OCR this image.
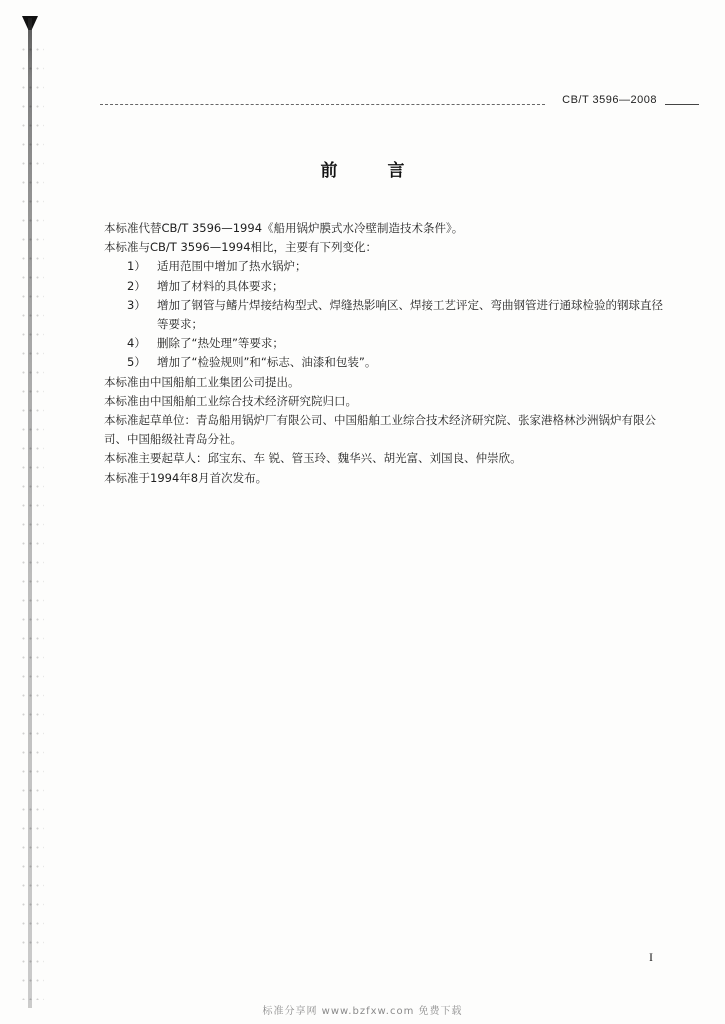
CB/T 3596—2008
前 言

本标准代替CB/T 3596—1994《船用锅炉膜式水冷壁制造技术条件》。

本标准与CB/T 3596—1994相比，主要有下列变化：

1） 适用范围中增加了热水锅炉；
2） 增加了材料的具体要求；
3） 增加了钢管与鳍片焊接结构型式、焊缝热影响区、焊接工艺评定、弯曲钢管进行通球检验的钢球直径等要求；
4） 删除了“热处理”等要求；
5） 增加了“检验规则”和“标志、油漆和包装”。

本标准由中国船舶工业集团公司提出。

本标准由中国船舶工业综合技术经济研究院归口。

本标准起草单位：青岛船用锅炉厂有限公司、中国船舶工业综合技术经济研究院、张家港格林沙洲锅炉有限公司、中国船级社青岛分社。

本标准主要起草人：邱宝东、车 锐、管玉玲、魏华兴、胡光富、刘国良、仲崇欣。

本标准于1994年8月首次发布。

I
标准分享网 www.bzfxw.com 免费下载
